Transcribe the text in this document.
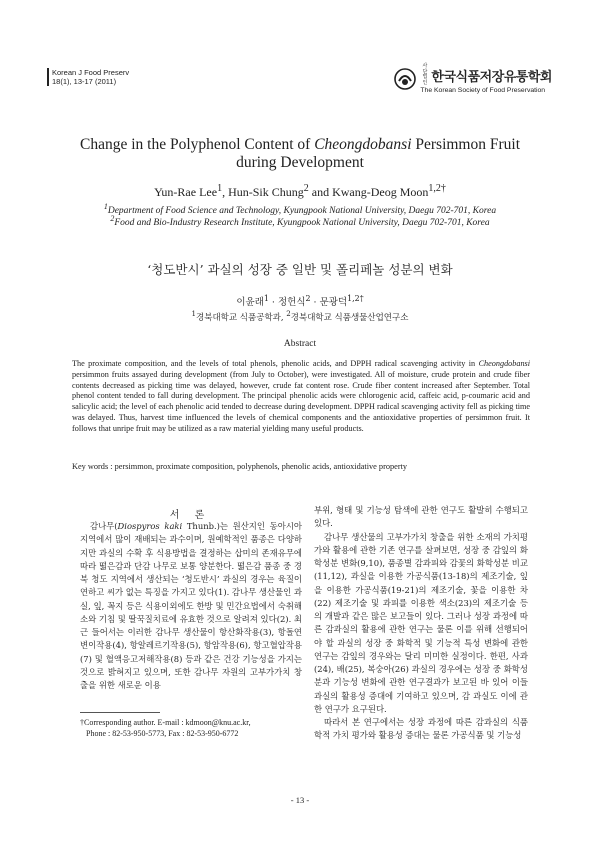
Korean J Food Preserv
18(1), 13-17 (2011)
사단 법인 한국식품저장유통학회
The Korean Society of Food Preservation
Change in the Polyphenol Content of Cheongdobansi Persimmon Fruit during Development
Yun-Rae Lee$^1$, Hun-Sik Chung$^2$ and Kwang-Deog Moon$^{1,2\dagger}$
$^1$Department of Food Science and Technology, Kyungpook National University, Daegu 702-701, Korea
$^2$Food and Bio-Industry Research Institute, Kyungpook National University, Daegu 702-701, Korea
‘청도반시’ 과실의 성장 중 일반 및 폴리페놀 성분의 변화
이윤래$^1$ · 정헌식$^2$ · 문광덕$^{1,2\dagger}$
$^1$경북대학교 식품공학과, $^2$경북대학교 식품생물산업연구소
Abstract
The proximate composition, and the levels of total phenols, phenolic acids, and DPPH radical scavenging activity in Cheongdobansi persimmon fruits assayed during development (from July to October), were investigated. All of moisture, crude protein and crude fiber contents decreased as picking time was delayed, however, crude fat content rose. Crude fiber content increased after September. Total phenol content tended to fall during development. The principal phenolic acids were chlorogenic acid, caffeic acid, p-coumaric acid and salicylic acid; the level of each phenolic acid tended to decrease during development. DPPH radical scavenging activity fell as picking time was delayed. Thus, harvest time influenced the levels of chemical components and the antioxidative properties of persimmon fruit. It follows that unripe fruit may be utilized as a raw material yielding many useful products.
Key words : persimmon, proximate composition, polyphenols, phenolic acids, antioxidative property
서 론

감나무(Diospyros kaki Thunb.)는 원산지인 동아시아 지역에서 많이 재배되는 과수이며, 원예학적인 품종은 다양하지만 과실의 수확 후 식용방법을 결정하는 삽미의 존재유무에 따라 떫은감과 단감 나무로 보통 양분한다. 떫은감 품종 중 경북 청도 지역에서 생산되는 ‘청도반시’ 과실의 경우는 육질이 연하고 씨가 없는 특징을 가지고 있다(1). 감나무 생산물인 과실, 잎, 꼭지 등은 식용이외에도 한방 및 민간요법에서 숙취해소와 기침 및 딸꾹질치료에 유효한 것으로 알려져 있다(2). 최근 들어서는 이러한 감나무 생산물이 항산화작용(3), 항돌연변이작용(4), 항알레르기작용(5), 항암작용(6), 항고혈압작용(7) 및 혈액응고저해작용(8) 등과 같은 건강 기능성을 가지는 것으로 밝혀지고 있으며, 또한 감나무 자원의 고부가가치 창출을 위한 새로운 이용

부위, 형태 및 기능성 탐색에 관한 연구도 활발히 수행되고 있다.

감나무 생산물의 고부가가치 창출을 위한 소재의 가치평가와 활용에 관한 기존 연구를 살펴보면, 성장 중 감잎의 화학성분 변화(9,10), 품종별 감과피와 감꽃의 화학성분 비교(11,12), 과실을 이용한 가공식품(13-18)의 제조기술, 잎을 이용한 가공식품(19-21)의 제조기술, 꽃을 이용한 차(22) 제조기술 및 과피를 이용한 색소(23)의 제조기술 등의 개발과 같은 많은 보고들이 있다. 그러나 성장 과정에 따른 감과실의 활용에 관한 연구는 물론 이를 위해 선행되어야 할 과실의 성장 중 화학적 및 기능적 특성 변화에 관한 연구는 감잎의 경우와는 달리 미미한 실정이다. 한편, 사과(24), 배(25), 복숭아(26) 과실의 경우에는 성장 중 화학성분과 기능성 변화에 관한 연구결과가 보고된 바 있어 이들 과실의 활용성 증대에 기여하고 있으며, 감 과실도 이에 관한 연구가 요구된다.

따라서 본 연구에서는 성장 과정에 따른 감과실의 식품학적 가치 평가와 활용성 증대는 물론 가공식품 및 기능성

†Corresponding author. E-mail : kdmoon@knu.ac.kr,
Phone : 82-53-950-5773, Fax : 82-53-950-6772
- 13 -
